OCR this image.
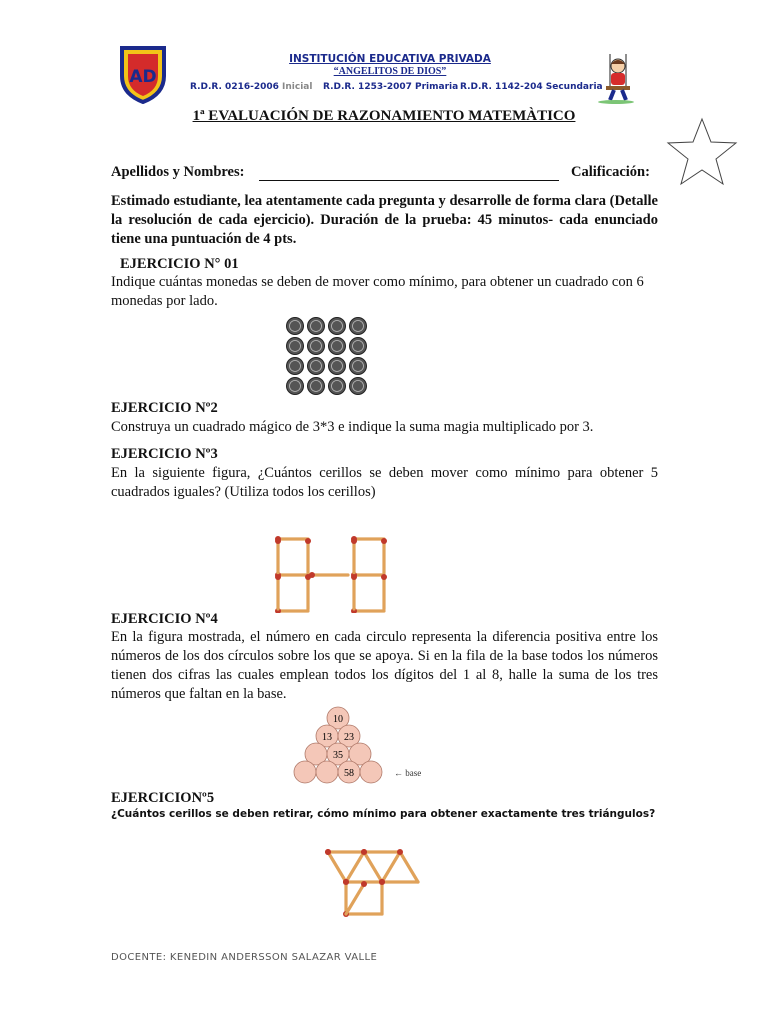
AD
INSTITUCIÓN EDUCATIVA PRIVADA
“ANGELITOS DE DIOS”
R.D.R. 0216-2006 Inicial R.D.R. 1253-2007 Primaria R.D.R. 1142-204 Secundaria
1ª EVALUACIÓN DE RAZONAMIENTO MATEMÀTICO
Apellidos y Nombres:	Calificación:
Estimado estudiante, lea atentamente cada pregunta y desarrolle de forma clara (Detalle la resolución de cada ejercicio). Duración de la prueba: 45 minutos- cada enunciado tiene una puntuación de 4 pts.
EJERCICIO N° 01
Indique cuántas monedas se deben de mover como mínimo, para obtener un cuadrado con 6 monedas por lado.
EJERCICIO Nº2
Construya un cuadrado mágico de 3*3 e indique la suma magia multiplicado por 3.
EJERCICIO Nº3
En la siguiente figura, ¿Cuántos cerillos se deben mover como mínimo para obtener 5 cuadrados iguales? (Utiliza todos los cerillos)
EJERCICIO Nº4
En la figura mostrada, el número en cada circulo representa la diferencia positiva entre los números de los dos círculos sobre los que se apoya. Si en la fila de la base todos los números tienen dos cifras las cuales emplean todos los dígitos del 1 al 8, halle la suma de los tres números que faltan en la base.
10
13 23
35
58	← base
EJERCICIONº5
¿Cuántos cerillos se deben retirar, cómo mínimo para obtener exactamente tres triángulos?
DOCENTE: KENEDIN ANDERSSON SALAZAR VALLE
